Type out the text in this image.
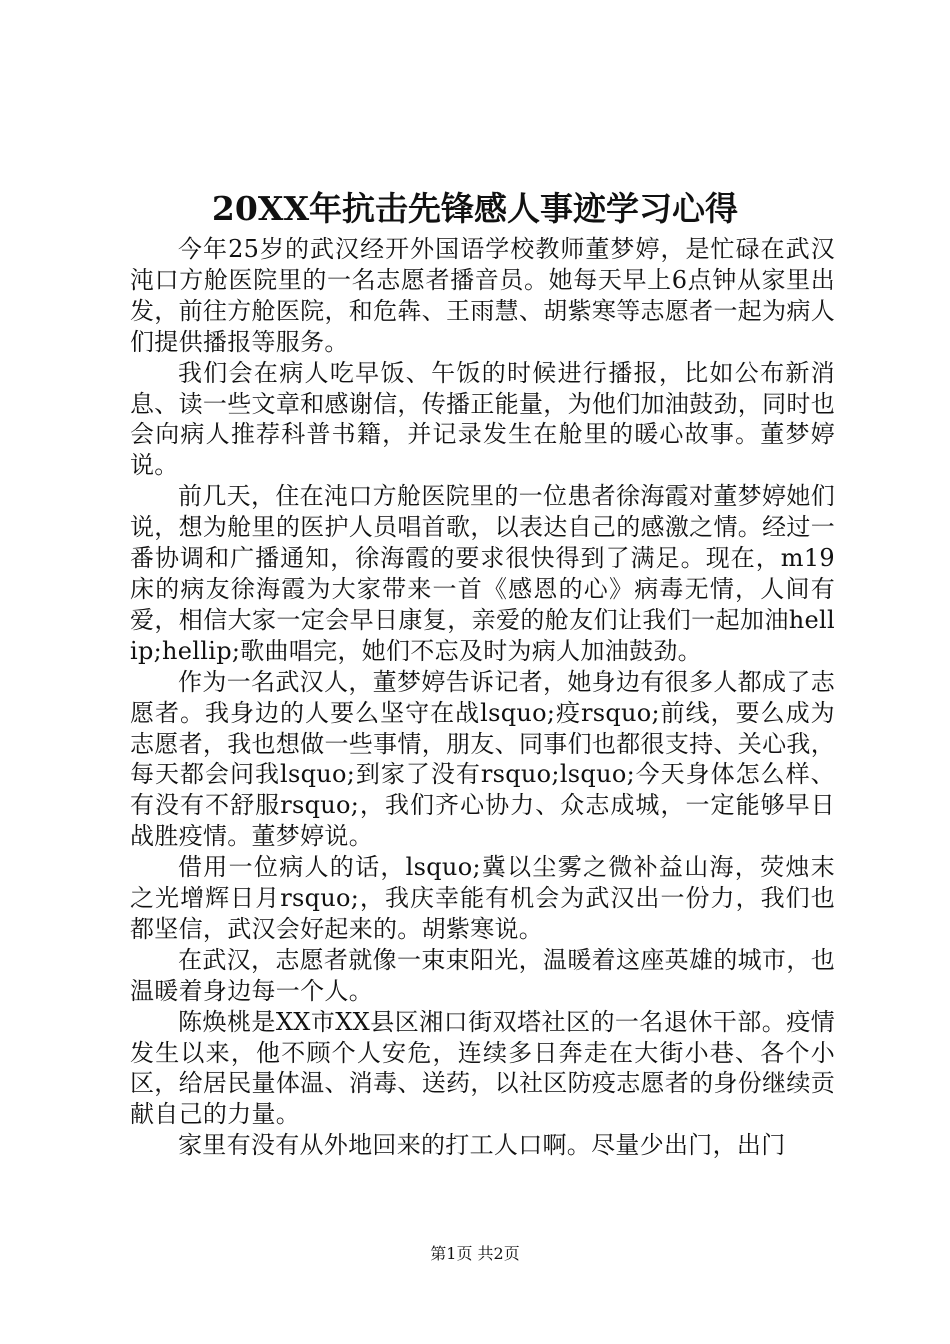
20XX年抗击先锋感人事迹学习心得

今年25岁的武汉经开外国语学校教师董梦婷，是忙碌在武汉沌口方舱医院里的一名志愿者播音员。她每天早上6点钟从家里出发，前往方舱医院，和危犇、王雨慧、胡紫寒等志愿者一起为病人们提供播报等服务。

我们会在病人吃早饭、午饭的时候进行播报，比如公布新消息、读一些文章和感谢信，传播正能量，为他们加油鼓劲，同时也会向病人推荐科普书籍，并记录发生在舱里的暖心故事。董梦婷说。

前几天，住在沌口方舱医院里的一位患者徐海霞对董梦婷她们说，想为舱里的医护人员唱首歌，以表达自己的感激之情。经过一番协调和广播通知，徐海霞的要求很快得到了满足。现在，m19床的病友徐海霞为大家带来一首《感恩的心》病毒无情，人间有爱，相信大家一定会早日康复，亲爱的舱友们让我们一起加油hellip;hellip;歌曲唱完，她们不忘及时为病人加油鼓劲。

作为一名武汉人，董梦婷告诉记者，她身边有很多人都成了志愿者。我身边的人要么坚守在战lsquo;疫rsquo;前线，要么成为志愿者，我也想做一些事情，朋友、同事们也都很支持、关心我，每天都会问我lsquo;到家了没有rsquo;lsquo;今天身体怎么样、有没有不舒服rsquo;，我们齐心协力、众志成城，一定能够早日战胜疫情。董梦婷说。

借用一位病人的话，lsquo;冀以尘雾之微补益山海，荧烛末之光增辉日月rsquo;，我庆幸能有机会为武汉出一份力，我们也都坚信，武汉会好起来的。胡紫寒说。

在武汉，志愿者就像一束束阳光，温暖着这座英雄的城市，也温暖着身边每一个人。

陈焕桃是XX市XX县区湘口街双塔社区的一名退休干部。疫情发生以来，他不顾个人安危，连续多日奔走在大街小巷、各个小区，给居民量体温、消毒、送药，以社区防疫志愿者的身份继续贡献自己的力量。

家里有没有从外地回来的打工人口啊。尽量少出门，出门

第1页 共2页
